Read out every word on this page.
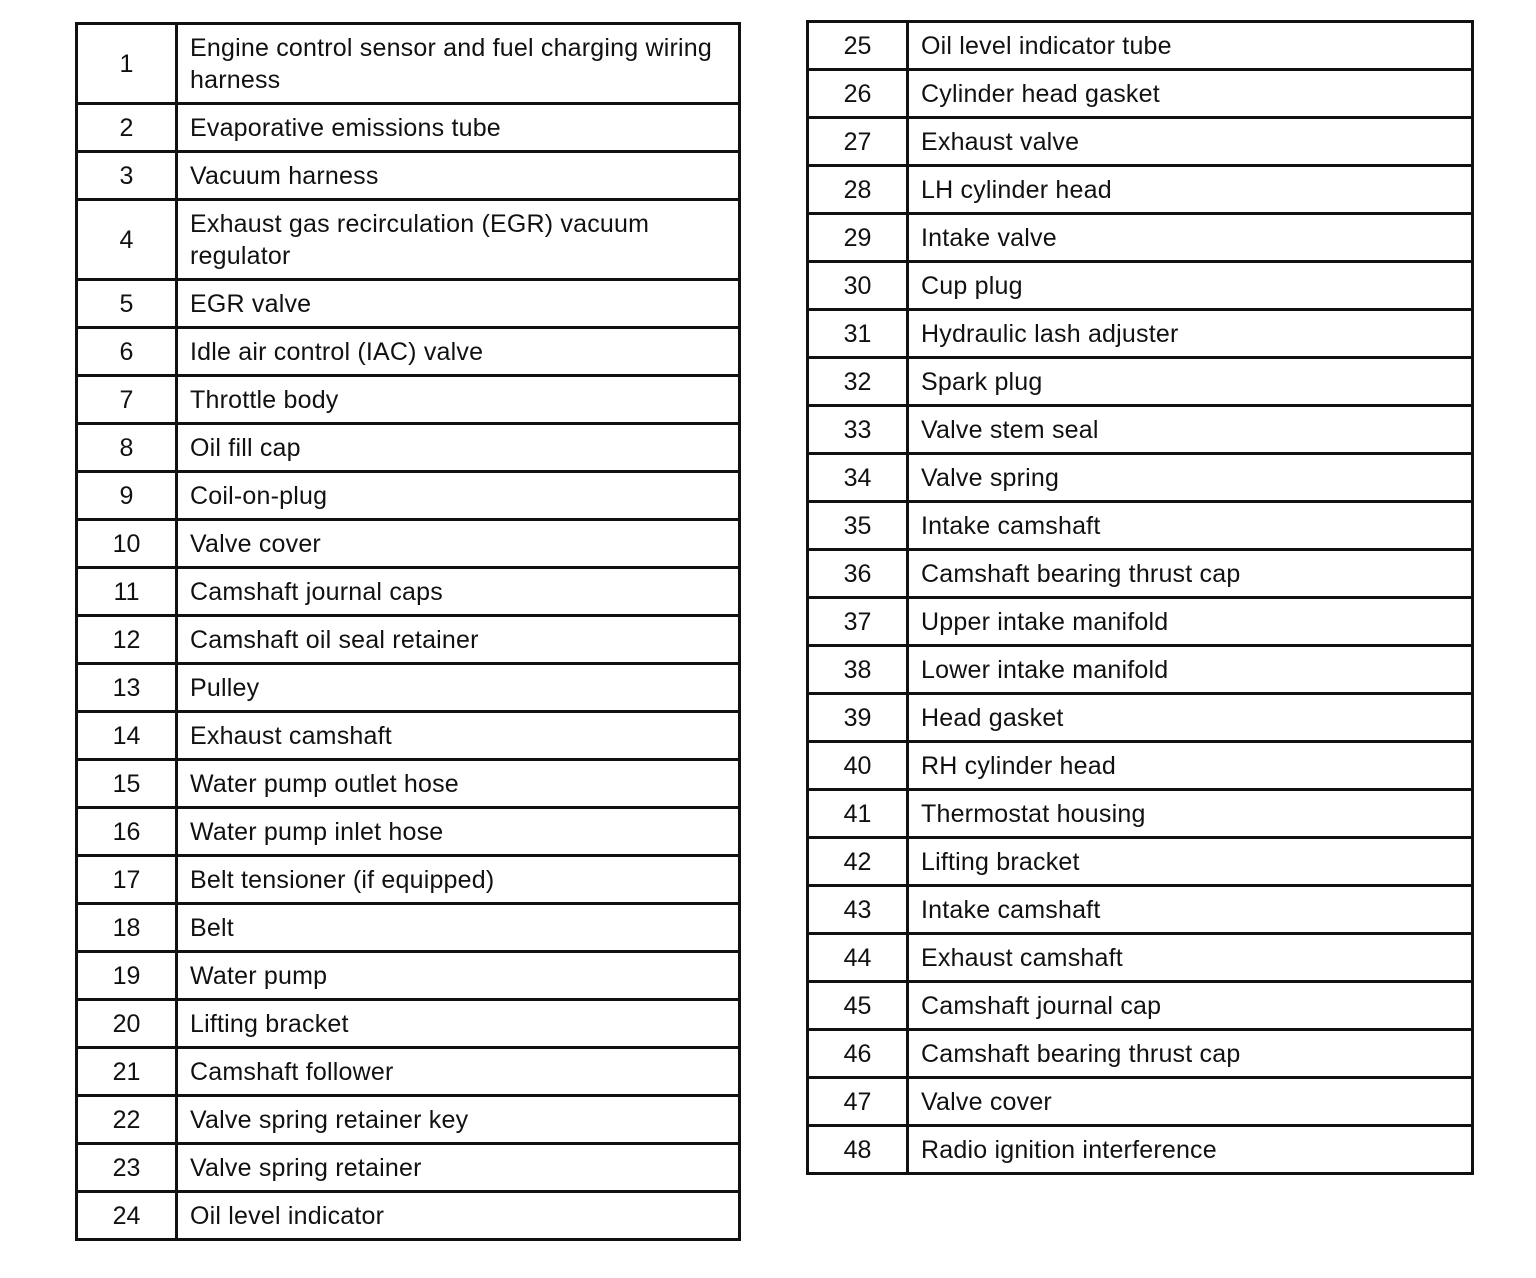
1	Engine control sensor and fuel charging wiring harness
2	Evaporative emissions tube
3	Vacuum harness
4	Exhaust gas recirculation (EGR) vacuum regulator
5	EGR valve
6	Idle air control (IAC) valve
7	Throttle body
8	Oil fill cap
9	Coil-on-plug
10	Valve cover
11	Camshaft journal caps
12	Camshaft oil seal retainer
13	Pulley
14	Exhaust camshaft
15	Water pump outlet hose
16	Water pump inlet hose
17	Belt tensioner (if equipped)
18	Belt
19	Water pump
20	Lifting bracket
21	Camshaft follower
22	Valve spring retainer key
23	Valve spring retainer
24	Oil level indicator
25	Oil level indicator tube
26	Cylinder head gasket
27	Exhaust valve
28	LH cylinder head
29	Intake valve
30	Cup plug
31	Hydraulic lash adjuster
32	Spark plug
33	Valve stem seal
34	Valve spring
35	Intake camshaft
36	Camshaft bearing thrust cap
37	Upper intake manifold
38	Lower intake manifold
39	Head gasket
40	RH cylinder head
41	Thermostat housing
42	Lifting bracket
43	Intake camshaft
44	Exhaust camshaft
45	Camshaft journal cap
46	Camshaft bearing thrust cap
47	Valve cover
48	Radio ignition interference
